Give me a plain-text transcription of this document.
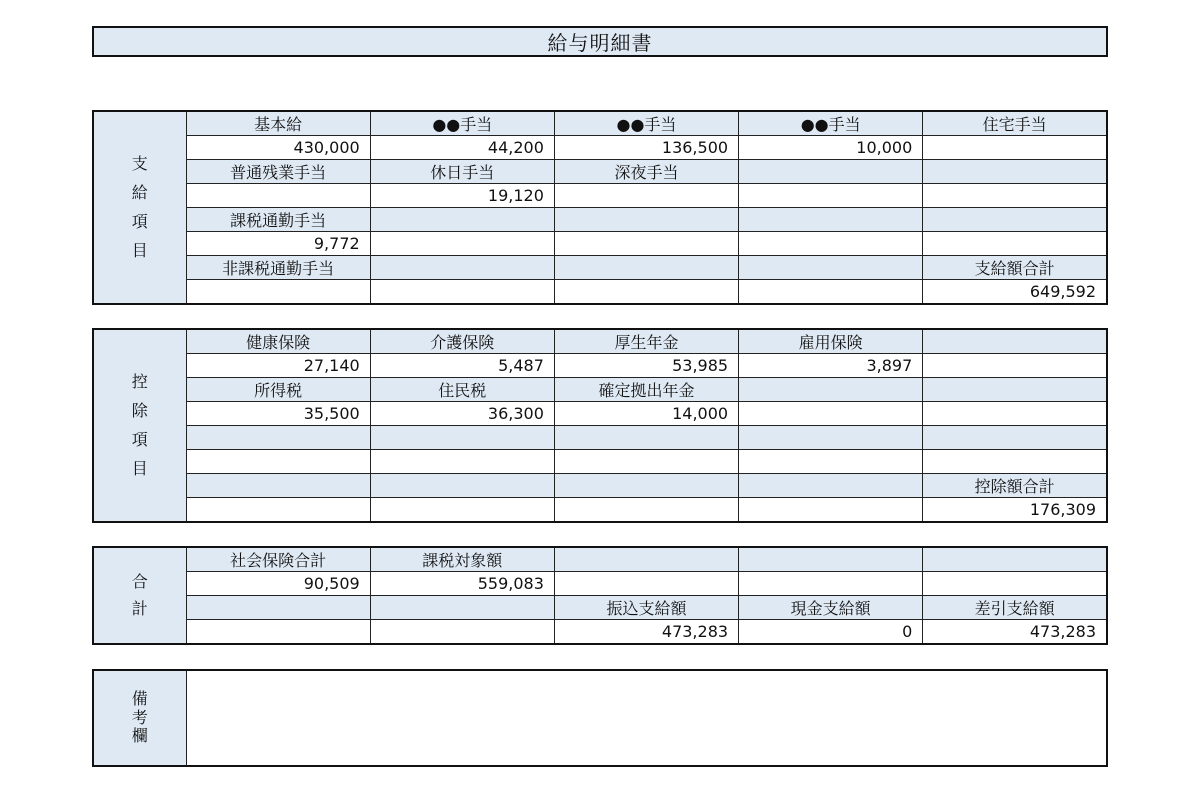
給与明細書
支
給
項
目	基本給	●●手当	●●手当	●●手当	住宅手当
	430,000	44,200	136,500	10,000	
	普通残業手当	休日手当	深夜手当		
		19,120			
	課税通勤手当				
	9,772				
	非課税通勤手当				支給額合計
					649,592
控
除
項
目	健康保険	介護保険	厚生年金	雇用保険	
	27,140	5,487	53,985	3,897	
	所得税	住民税	確定拠出年金		
	35,500	36,300	14,000		

					控除額合計
					176,309
合
計	社会保険合計	課税対象額			
	90,509	559,083			
			振込支給額	現金支給額	差引支給額
			473,283	0	473,283
備
考
欄
